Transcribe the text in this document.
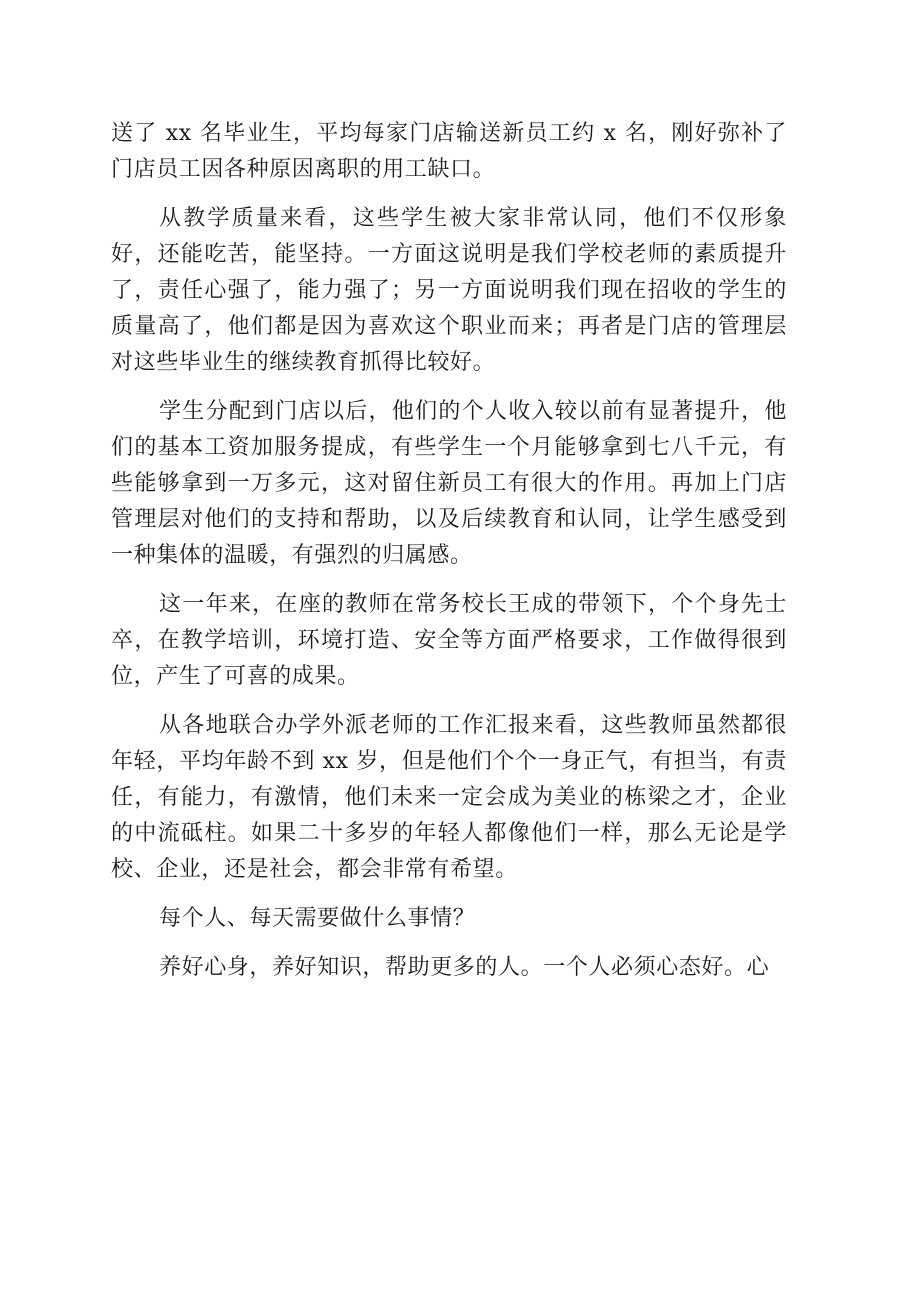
送了 xx 名毕业生，平均每家门店输送新员工约 x 名，刚好弥补了门店员工因各种原因离职的用工缺口。

从教学质量来看，这些学生被大家非常认同，他们不仅形象好，还能吃苦，能坚持。一方面这说明是我们学校老师的素质提升了，责任心强了，能力强了；另一方面说明我们现在招收的学生的质量高了，他们都是因为喜欢这个职业而来；再者是门店的管理层对这些毕业生的继续教育抓得比较好。

学生分配到门店以后，他们的个人收入较以前有显著提升，他们的基本工资加服务提成，有些学生一个月能够拿到七八千元，有些能够拿到一万多元，这对留住新员工有很大的作用。再加上门店管理层对他们的支持和帮助，以及后续教育和认同，让学生感受到一种集体的温暖，有强烈的归属感。

这一年来，在座的教师在常务校长王成的带领下，个个身先士卒，在教学培训，环境打造、安全等方面严格要求，工作做得很到位，产生了可喜的成果。

从各地联合办学外派老师的工作汇报来看，这些教师虽然都很年轻，平均年龄不到 xx 岁，但是他们个个一身正气，有担当，有责任，有能力，有激情，他们未来一定会成为美业的栋梁之才，企业的中流砥柱。如果二十多岁的年轻人都像他们一样，那么无论是学校、企业，还是社会，都会非常有希望。

每个人、每天需要做什么事情？

养好心身，养好知识，帮助更多的人。一个人必须心态好。心
